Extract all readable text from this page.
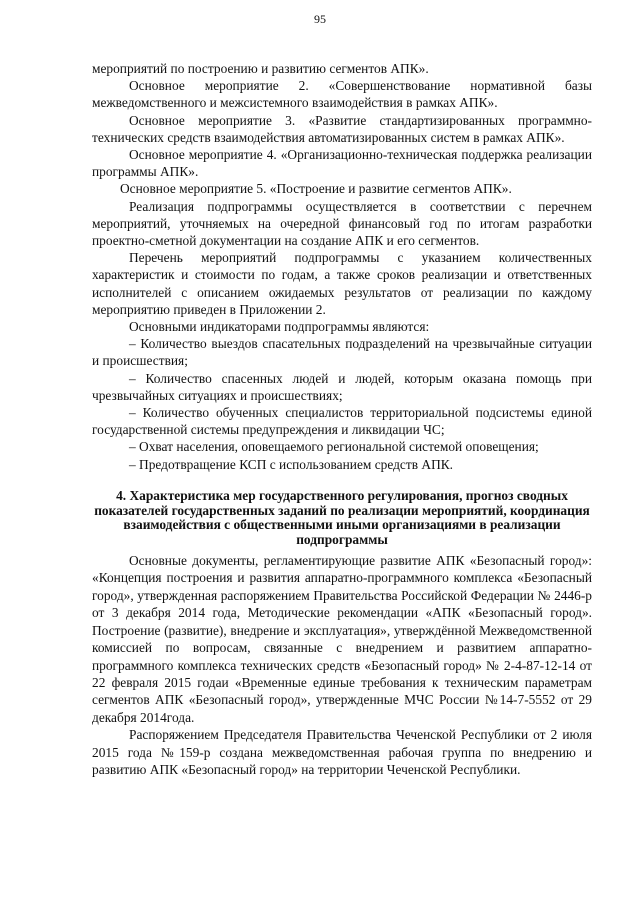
95

мероприятий по построению и развитию сегментов АПК».

Основное мероприятие 2. «Совершенствование нормативной базы межведомственного и межсистемного взаимодействия в рамках АПК».

Основное мероприятие 3. «Развитие стандартизированных программно-технических средств взаимодействия автоматизированных систем в рамках АПК».

Основное мероприятие 4. «Организационно-техническая поддержка реализации программы АПК».

Основное мероприятие 5. «Построение и развитие сегментов АПК».

Реализация подпрограммы осуществляется в соответствии с перечнем мероприятий, уточняемых на очередной финансовый год по итогам разработки проектно-сметной документации на создание АПК и его сегментов.

Перечень мероприятий подпрограммы с указанием количественных характеристик и стоимости по годам, а также сроков реализации и ответственных исполнителей с описанием ожидаемых результатов от реализации по каждому мероприятию приведен в Приложении 2.

Основными индикаторами подпрограммы являются:

– Количество выездов спасательных подразделений на чрезвычайные ситуации и происшествия;

– Количество спасенных людей и людей, которым оказана помощь при чрезвычайных ситуациях и происшествиях;

– Количество обученных специалистов территориальной подсистемы единой государственной системы предупреждения и ликвидации ЧС;

– Охват населения, оповещаемого региональной системой оповещения;

– Предотвращение КСП с использованием средств АПК.

4. Характеристика мер государственного регулирования, прогноз сводных показателей государственных заданий по реализации мероприятий, координация взаимодействия с общественными иными организациями в реализации подпрограммы

Основные документы, регламентирующие развитие АПК «Безопасный город»: «Концепция построения и развития аппаратно-программного комплекса «Безопасный город», утвержденная распоряжением Правительства Российской Федерации № 2446-р от 3 декабря 2014 года, Методические рекомендации «АПК «Безопасный город». Построение (развитие), внедрение и эксплуатация», утверждённой Межведомственной комиссией по вопросам, связанные с внедрением и развитием аппаратно-программного комплекса технических средств «Безопасный город» № 2-4-87-12-14 от 22 февраля 2015 годаи «Временные единые требования к техническим параметрам сегментов АПК «Безопасный город», утвержденные МЧС России №14-7-5552 от 29 декабря 2014года.

Распоряжением Председателя Правительства Чеченской Республики от 2 июля 2015 года №159-р создана межведомственная рабочая группа по внедрению и развитию АПК «Безопасный город» на территории Чеченской Республики.
